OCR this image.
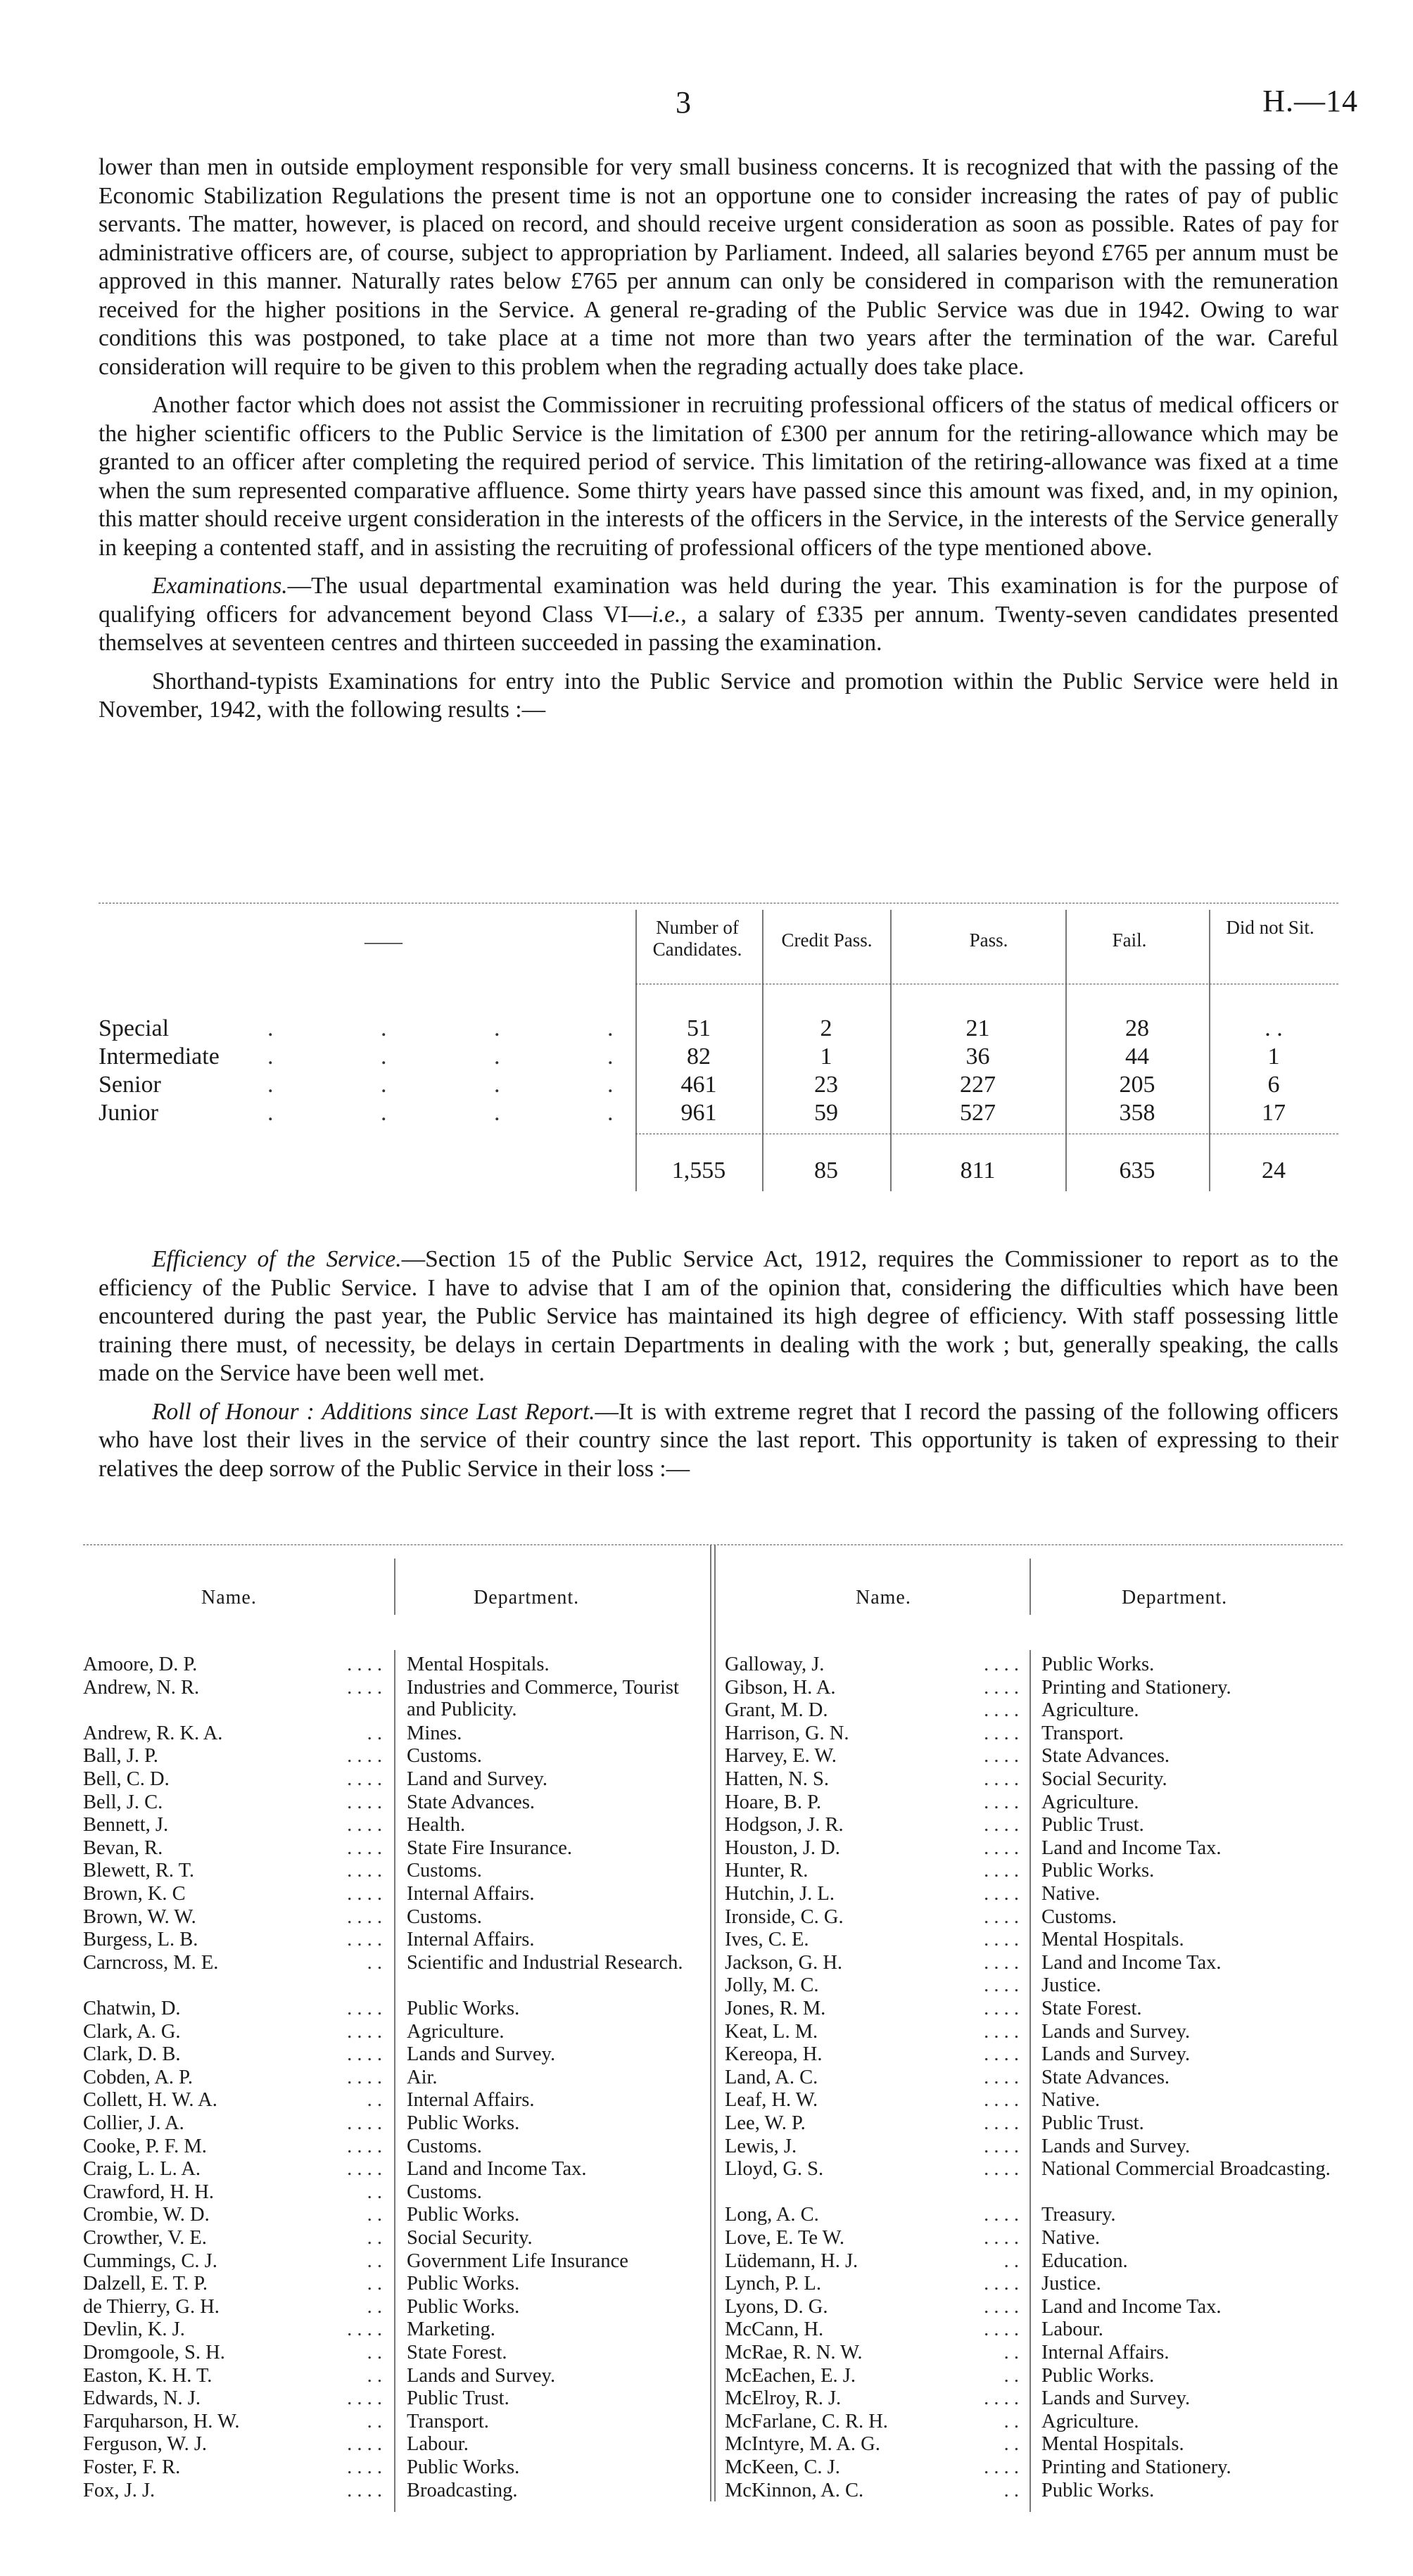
3	H.—14

lower than men in outside employment responsible for very small business concerns. It is recognized that with the passing of the Economic Stabilization Regulations the present time is not an opportune one to consider increasing the rates of pay of public servants. The matter, however, is placed on record, and should receive urgent consideration as soon as possible. Rates of pay for administrative officers are, of course, subject to appropriation by Parliament. Indeed, all salaries beyond £765 per annum must be approved in this manner. Naturally rates below £765 per annum can only be considered in comparison with the remuneration received for the higher positions in the Service. A general re-grading of the Public Service was due in 1942. Owing to war conditions this was postponed, to take place at a time not more than two years after the termination of the war. Careful consideration will require to be given to this problem when the regrading actually does take place.

Another factor which does not assist the Commissioner in recruiting professional officers of the status of medical officers or the higher scientific officers to the Public Service is the limitation of £300 per annum for the retiring-allowance which may be granted to an officer after completing the required period of service. This limitation of the retiring-allowance was fixed at a time when the sum represented comparative affluence. Some thirty years have passed since this amount was fixed, and, in my opinion, this matter should receive urgent consideration in the interests of the officers in the Service, in the interests of the Service generally in keeping a contented staff, and in assisting the recruiting of professional officers of the type mentioned above.

Examinations.—The usual departmental examination was held during the year. This examination is for the purpose of qualifying officers for advancement beyond Class VI—i.e., a salary of £335 per annum. Twenty-seven candidates presented themselves at seventeen centres and thirteen succeeded in passing the examination.

Shorthand-typists Examinations for entry into the Public Service and promotion within the Public Service were held in November, 1942, with the following results :—

——
Number of Candidates.	Credit Pass.	Pass.	Fail.
Did not Sit.
Special	. . . . 51	2	21	28	. .
Intermediate . . . . 82	1	36	44	1
Senior	. . . . 461	23	227	205	6
Junior	. . . . 961	59	527	358	17
1,555	85	811	635	24

Efficiency of the Service.—Section 15 of the Public Service Act, 1912, requires the Commissioner to report as to the efficiency of the Public Service. I have to advise that I am of the opinion that, considering the difficulties which have been encountered during the past year, the Public Service has maintained its high degree of efficiency. With staff possessing little training there must, of necessity, be delays in certain Departments in dealing with the work ; but, generally speaking, the calls made on the Service have been well met.

Roll of Honour : Additions since Last Report.—It is with extreme regret that I record the passing of the following officers who have lost their lives in the service of their country since the last report. This opportunity is taken of expressing to their relatives the deep sorrow of the Public Service in their loss :—

Name.	Department.	Name.	Department.
Amoore, D. P.	. . . . Mental Hospitals.
Andrew, N. R.	. . . . Industries and Commerce, Tourist and Publicity.
Andrew, R. K. A.	. . Mines.
Ball, J. P.	. . . . Customs.
Bell, C. D.	. . . . Land and Survey.
Bell, J. C.	. . . . State Advances.
Bennett, J.	. . . . Health.
Bevan, R.	. . . . State Fire Insurance.
Blewett, R. T.	. . . . Customs.
Brown, K. C	. . . . Internal Affairs.
Brown, W. W.	. . . . Customs.
Burgess, L. B.	. . . . Internal Affairs.
Carncross, M. E.	. . Scientific and Industrial Research.
Chatwin, D.	. . . . Public Works.
Clark, A. G.	. . . . Agriculture.
Clark, D. B.	. . . . Lands and Survey.
Cobden, A. P.	. . . . Air.
Collett, H. W. A.	. . Internal Affairs.
Collier, J. A.	. . . . Public Works.
Cooke, P. F. M.	. . . . Customs.
Craig, L. L. A.	. . . . Land and Income Tax.
Crawford, H. H.	. . Customs.
Crombie, W. D.	. . Public Works.
Crowther, V. E.	. . Social Security.
Cummings, C. J.	. . Government Life Insurance
Dalzell, E. T. P.	. . Public Works.
de Thierry, G. H.	. . Public Works.
Devlin, K. J.	. . . . Marketing.
Dromgoole, S. H.	. . State Forest.
Easton, K. H. T.	. . Lands and Survey.
Edwards, N. J.	. . . . Public Trust.
Farquharson, H. W.	. . Transport.
Ferguson, W. J.	. . . . Labour.
Foster, F. R.	. . . . Public Works.
Fox, J. J.	. . . . Broadcasting.
Galloway, J.	. . . . Public Works.
Gibson, H. A.	. . . . Printing and Stationery.
Grant, M. D.	. . . . Agriculture.
Harrison, G. N.	. . . . Transport.
Harvey, E. W.	. . . . State Advances.
Hatten, N. S.	. . . . Social Security.
Hoare, B. P.	. . . . Agriculture.
Hodgson, J. R.	. . . . Public Trust.
Houston, J. D.	. . . . Land and Income Tax.
Hunter, R.	. . . . Public Works.
Hutchin, J. L.	. . . . Native.
Ironside, C. G.	. . . . Customs.
Ives, C. E.	. . . . Mental Hospitals.
Jackson, G. H.	. . . . Land and Income Tax.
Jolly, M. C.	. . . . Justice.
Jones, R. M.	. . . . State Forest.
Keat, L. M.	. . . . Lands and Survey.
Kereopa, H.	. . . . Lands and Survey.
Land, A. C.	. . . . State Advances.
Leaf, H. W.	. . . . Native.
Lee, W. P.	. . . . Public Trust.
Lewis, J.	. . . . Lands and Survey.
Lloyd, G. S.	. . . . National Commercial Broadcasting.
Long, A. C.	. . . . Treasury.
Love, E. Te W.	. . . . Native.
Lüdemann, H. J.	. . Education.
Lynch, P. L.	. . . . Justice.
Lyons, D. G.	. . . . Land and Income Tax.
McCann, H.	. . . . Labour.
McRae, R. N. W.	. . Internal Affairs.
McEachen, E. J.	. . Public Works.
McElroy, R. J.	. . . . Lands and Survey.
McFarlane, C. R. H.	. . Agriculture.
McIntyre, M. A. G.	. . Mental Hospitals.
McKeen, C. J.	. . . . Printing and Stationery.
McKinnon, A. C.	. . Public Works.
